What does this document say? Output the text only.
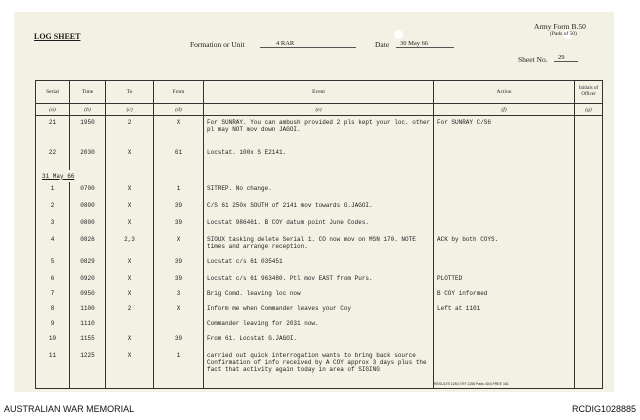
LOG SHEET
Army Form B.50
(Pads of 50)
Formation or Unit	4 RAR	Date	30 May 66
Sheet No.	29
Serial	Time	To	From	Event	Action	Initials of Officer
(a)	(b)	(c)	(d)	(e)	(f)	(g)
21	1950	2	X	For SUNRAY. You can ambush provided 2 pls kept your loc. other pl may NOT mov down JAGOI.	For SUNRAY C/S6	
22	2030	X	61	Locstat. 100x S E2141.		
31 May 66						
1	0700	X	1	SITREP. No change.		
2	0800	X	39	C/S 61 250x SOUTH of 2141 mov towards G.JAGOI.		
3	0800	X	39	Locstat 986461. B COY datum point June Codes.		
4	0826	2,3	X	SIOUX tasking delete Serial 1. CO now mov on MSN 170. NOTE times and arrange reception.	ACK by both COYS.	
5	0829	X	39	Locstat c/s 61 035451		
6	0920	X	39	Locstat c/s 61 963480. Ptl mov EAST from Purs.	PLOTTED	
7	0950	X	3	Brig Comd. leaving loc now	B COY informed	
8	1100	2	X	Inform me when Commander leaves your Coy	Left at 1101	
9	1110			Commander leaving for 2031 now.		
10	1155	X	39	From 61. Locstat G.JAGOI.		
11	1225	X	1	carried out quick interrogation wants to bring back source Confirmation of info received by A COY approx 3 days plus the fact that activity again today in area of SIGING		

RESULTS 1264 7/97 1158 Pads 40/4 FREE 161
AUSTRALIAN WAR MEMORIAL	RCDIG1028885
